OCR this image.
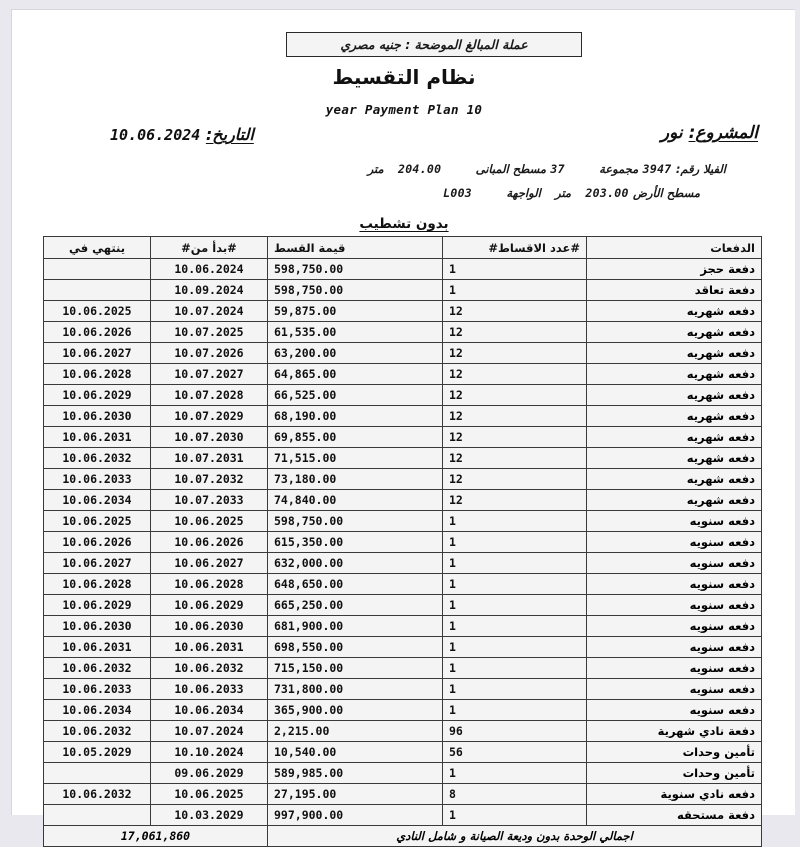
عملة المبالغ الموضحة : جنيه مصري
نظام التقسيط
year Payment Plan 10
المشروع: نور
التاريخ: 10.06.2024
الفيلا رقم: 3947 مجموعة 37 مسطح المبانى 204.00 متر
مسطح الأرض 203.00 متر الواجهة L003
بدون تشطيب
الدفعات	#عدد الاقساط#	قيمة القسط	#بدأ من#	ينتهي في
دفعة حجز	1	598,750.00	10.06.2024	
دفعة تعاقد	1	598,750.00	10.09.2024	
دفعه شهريه	12	59,875.00	10.07.2024	10.06.2025
دفعه شهريه	12	61,535.00	10.07.2025	10.06.2026
دفعه شهريه	12	63,200.00	10.07.2026	10.06.2027
دفعه شهريه	12	64,865.00	10.07.2027	10.06.2028
دفعه شهريه	12	66,525.00	10.07.2028	10.06.2029
دفعه شهريه	12	68,190.00	10.07.2029	10.06.2030
دفعه شهريه	12	69,855.00	10.07.2030	10.06.2031
دفعه شهريه	12	71,515.00	10.07.2031	10.06.2032
دفعه شهريه	12	73,180.00	10.07.2032	10.06.2033
دفعه شهريه	12	74,840.00	10.07.2033	10.06.2034
دفعه سنويه	1	598,750.00	10.06.2025	10.06.2025
دفعه سنويه	1	615,350.00	10.06.2026	10.06.2026
دفعه سنويه	1	632,000.00	10.06.2027	10.06.2027
دفعه سنويه	1	648,650.00	10.06.2028	10.06.2028
دفعه سنويه	1	665,250.00	10.06.2029	10.06.2029
دفعه سنويه	1	681,900.00	10.06.2030	10.06.2030
دفعه سنويه	1	698,550.00	10.06.2031	10.06.2031
دفعه سنويه	1	715,150.00	10.06.2032	10.06.2032
دفعه سنويه	1	731,800.00	10.06.2033	10.06.2033
دفعه سنويه	1	365,900.00	10.06.2034	10.06.2034
دفعة نادي شهرية	96	2,215.00	10.07.2024	10.06.2032
تأمين وحدات	56	10,540.00	10.10.2024	10.05.2029
تأمين وحدات	1	589,985.00	09.06.2029	
دفعه نادي سنوية	8	27,195.00	10.06.2025	10.06.2032
دفعة مستحقه	1	997,900.00	10.03.2029	
اجمالي الوحدة بدون وديعة الصيانة و شامل النادي			17,061,860	
